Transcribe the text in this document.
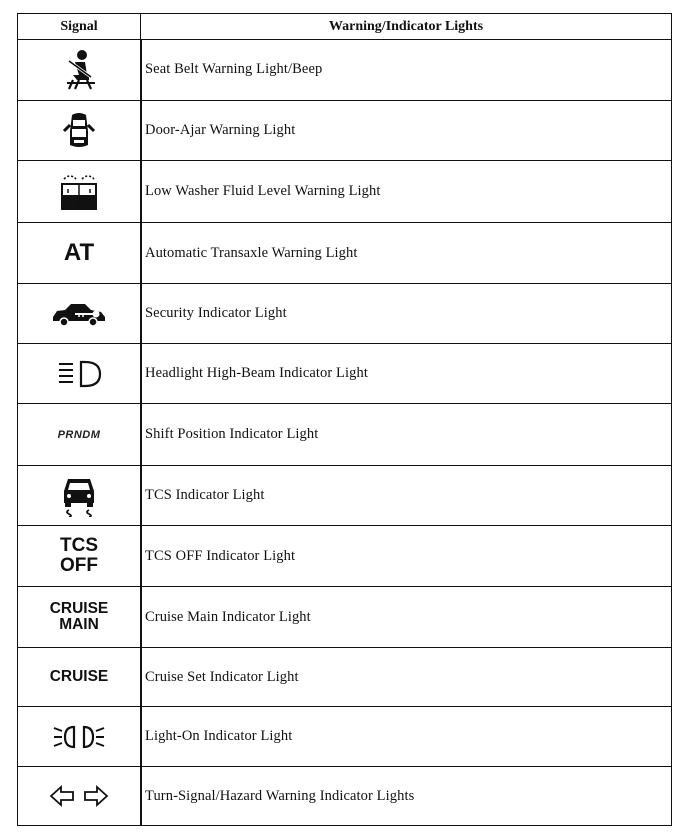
Signal	Warning/Indicator Lights
Seat Belt Warning Light/Beep
Door-Ajar Warning Light
Low Washer Fluid Level Warning Light
AT	Automatic Transaxle Warning Light
Security Indicator Light
Headlight High-Beam Indicator Light
PRNDM	Shift Position Indicator Light
TCS Indicator Light
TCS
OFF	TCS OFF Indicator Light
CRUISE
MAIN	Cruise Main Indicator Light
CRUISE	Cruise Set Indicator Light
Light-On Indicator Light
Turn-Signal/Hazard Warning Indicator Lights
